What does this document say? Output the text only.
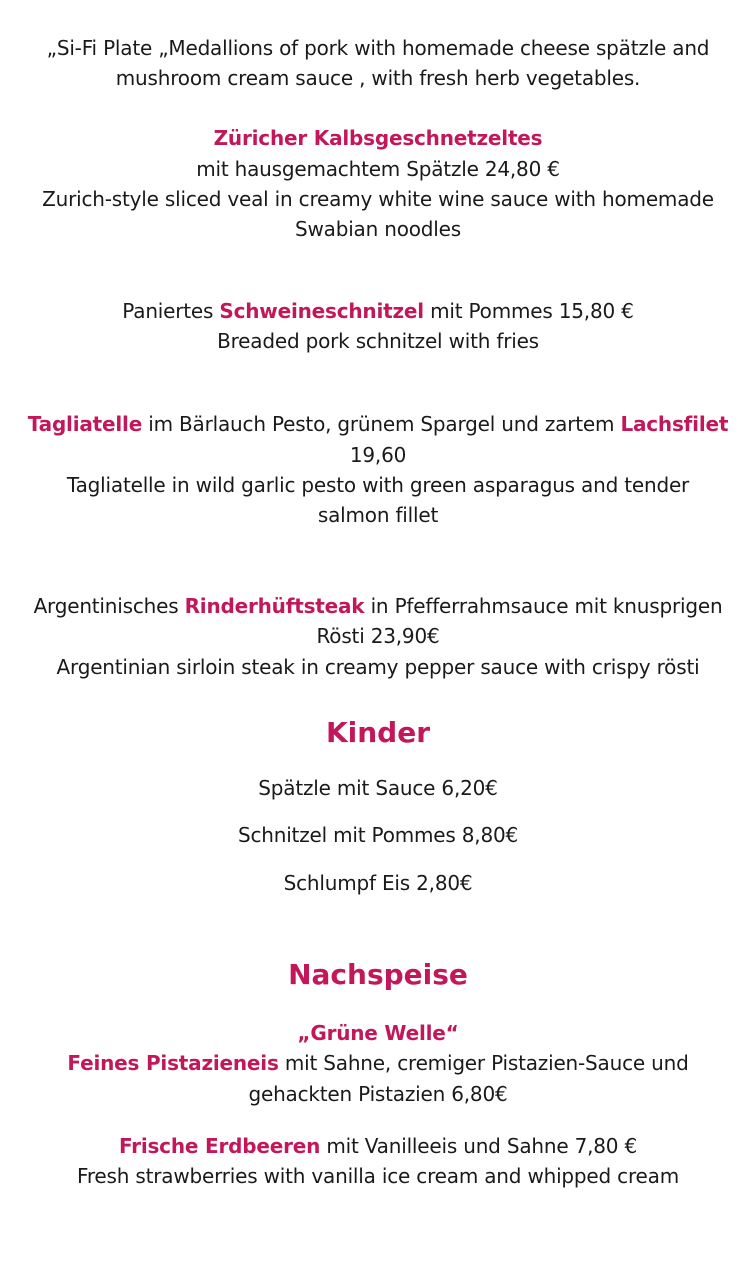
„Si-Fi Plate „Medallions of pork with homemade cheese spätzle and
mushroom cream sauce , with fresh herb vegetables.
Züricher Kalbsgeschnetzeltes
mit hausgemachtem Spätzle 24,80 €
Zurich-style sliced veal in creamy white wine sauce with homemade
Swabian noodles
Paniertes Schweineschnitzel mit Pommes 15,80 €
Breaded pork schnitzel with fries
Tagliatelle im Bärlauch Pesto, grünem Spargel und zartem Lachsfilet
19,60
Tagliatelle in wild garlic pesto with green asparagus and tender
salmon fillet
Argentinisches Rinderhüftsteak in Pfefferrahmsauce mit knusprigen
Rösti 23,90€
Argentinian sirloin steak in creamy pepper sauce with crispy rösti
Kinder
Spätzle mit Sauce 6,20€
Schnitzel mit Pommes 8,80€
Schlumpf Eis 2,80€
Nachspeise
„Grüne Welle“
Feines Pistazieneis mit Sahne, cremiger Pistazien-Sauce und
gehackten Pistazien 6,80€
Frische Erdbeeren mit Vanilleeis und Sahne 7,80 €
Fresh strawberries with vanilla ice cream and whipped cream
